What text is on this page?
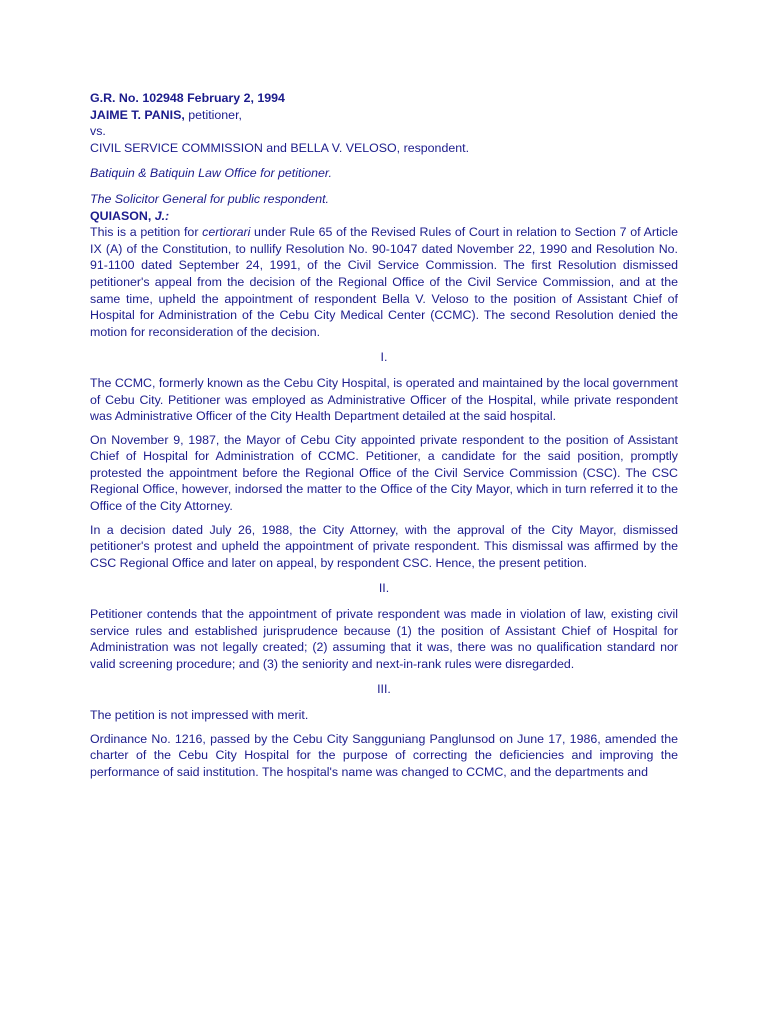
G.R. No. 102948 February 2, 1994

JAIME T. PANIS, petitioner,

vs.

CIVIL SERVICE COMMISSION and BELLA V. VELOSO, respondent.

Batiquin & Batiquin Law Office for petitioner.

The Solicitor General for public respondent.

QUIASON, J.:

This is a petition for certiorari under Rule 65 of the Revised Rules of Court in relation to Section 7 of Article IX (A) of the Constitution, to nullify Resolution No. 90-1047 dated November 22, 1990 and Resolution No. 91-1100 dated September 24, 1991, of the Civil Service Commission. The first Resolution dismissed petitioner's appeal from the decision of the Regional Office of the Civil Service Commission, and at the same time, upheld the appointment of respondent Bella V. Veloso to the position of Assistant Chief of Hospital for Administration of the Cebu City Medical Center (CCMC). The second Resolution denied the motion for reconsideration of the decision.

I.

The CCMC, formerly known as the Cebu City Hospital, is operated and maintained by the local government of Cebu City. Petitioner was employed as Administrative Officer of the Hospital, while private respondent was Administrative Officer of the City Health Department detailed at the said hospital.

On November 9, 1987, the Mayor of Cebu City appointed private respondent to the position of Assistant Chief of Hospital for Administration of CCMC. Petitioner, a candidate for the said position, promptly protested the appointment before the Regional Office of the Civil Service Commission (CSC). The CSC Regional Office, however, indorsed the matter to the Office of the City Mayor, which in turn referred it to the Office of the City Attorney.

In a decision dated July 26, 1988, the City Attorney, with the approval of the City Mayor, dismissed petitioner's protest and upheld the appointment of private respondent. This dismissal was affirmed by the CSC Regional Office and later on appeal, by respondent CSC. Hence, the present petition.

II.

Petitioner contends that the appointment of private respondent was made in violation of law, existing civil service rules and established jurisprudence because (1) the position of Assistant Chief of Hospital for Administration was not legally created; (2) assuming that it was, there was no qualification standard nor valid screening procedure; and (3) the seniority and next-in-rank rules were disregarded.

III.

The petition is not impressed with merit.

Ordinance No. 1216, passed by the Cebu City Sangguniang Panglunsod on June 17, 1986, amended the charter of the Cebu City Hospital for the purpose of correcting the deficiencies and improving the performance of said institution. The hospital's name was changed to CCMC, and the departments and
